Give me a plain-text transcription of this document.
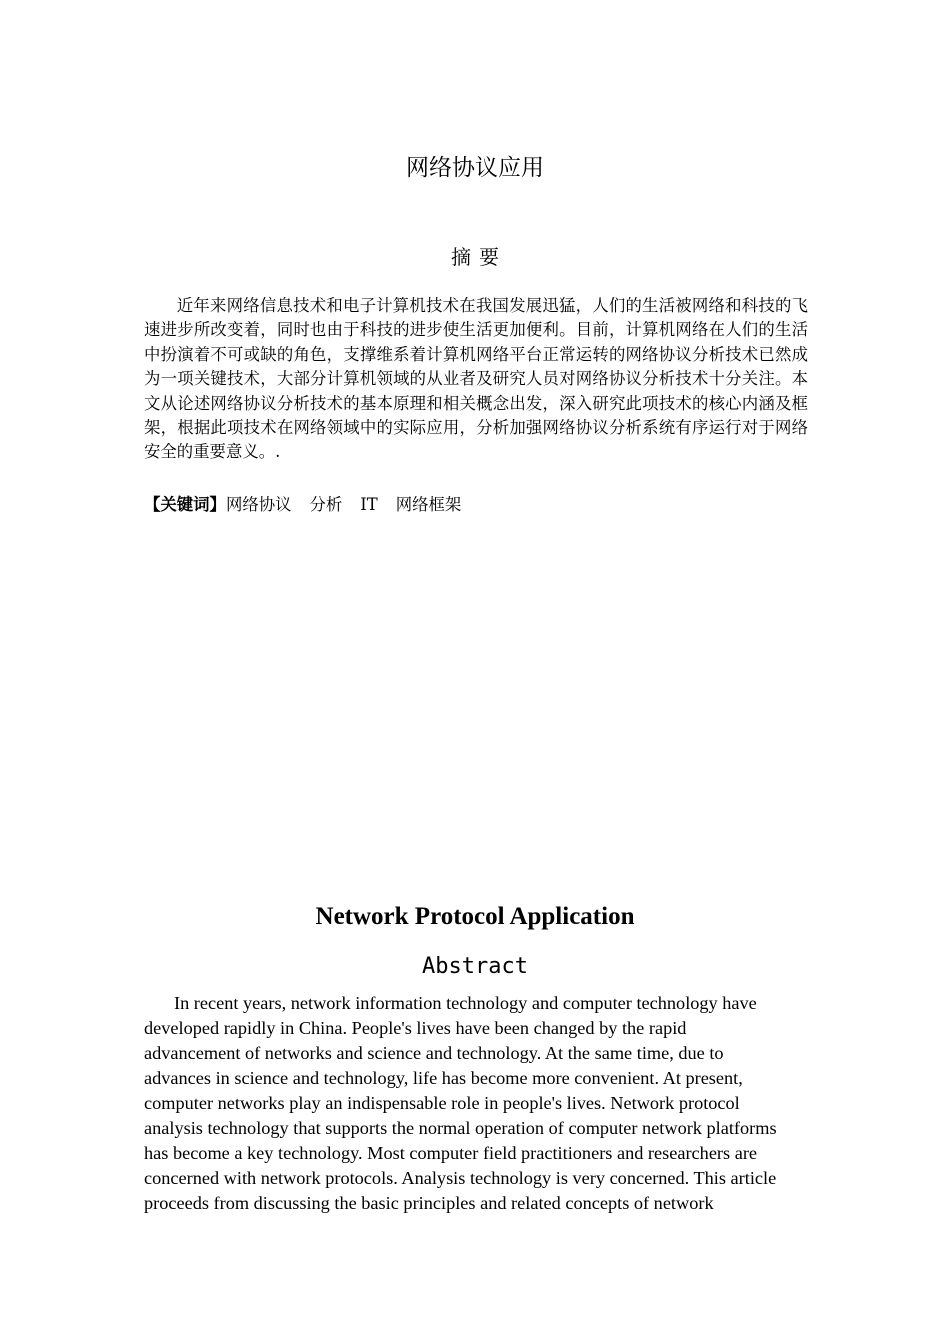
网络协议应用
摘要

近年来网络信息技术和电子计算机技术在我国发展迅猛，人们的生活被网络和科技的飞速进步所改变着，同时也由于科技的进步使生活更加便利。目前，计算机网络在人们的生活中扮演着不可或缺的角色，支撑维系着计算机网络平台正常运转的网络协议分析技术已然成为一项关键技术，大部分计算机领域的从业者及研究人员对网络协议分析技术十分关注。本文从论述网络协议分析技术的基本原理和相关概念出发，深入研究此项技术的核心内涵及框架，根据此项技术在网络领域中的实际应用，分析加强网络协议分析系统有序运行对于网络安全的重要意义。.

【关键词】网络协议 分析 IT 网络框架
Network Protocol Application
Abstract
In recent years, network information technology and computer technology have
developed rapidly in China. People's lives have been changed by the rapid
advancement of networks and science and technology. At the same time, due to
advances in science and technology, life has become more convenient. At present,
computer networks play an indispensable role in people's lives. Network protocol
analysis technology that supports the normal operation of computer network platforms
has become a key technology. Most computer field practitioners and researchers are
concerned with network protocols. Analysis technology is very concerned. This article
proceeds from discussing the basic principles and related concepts of network
